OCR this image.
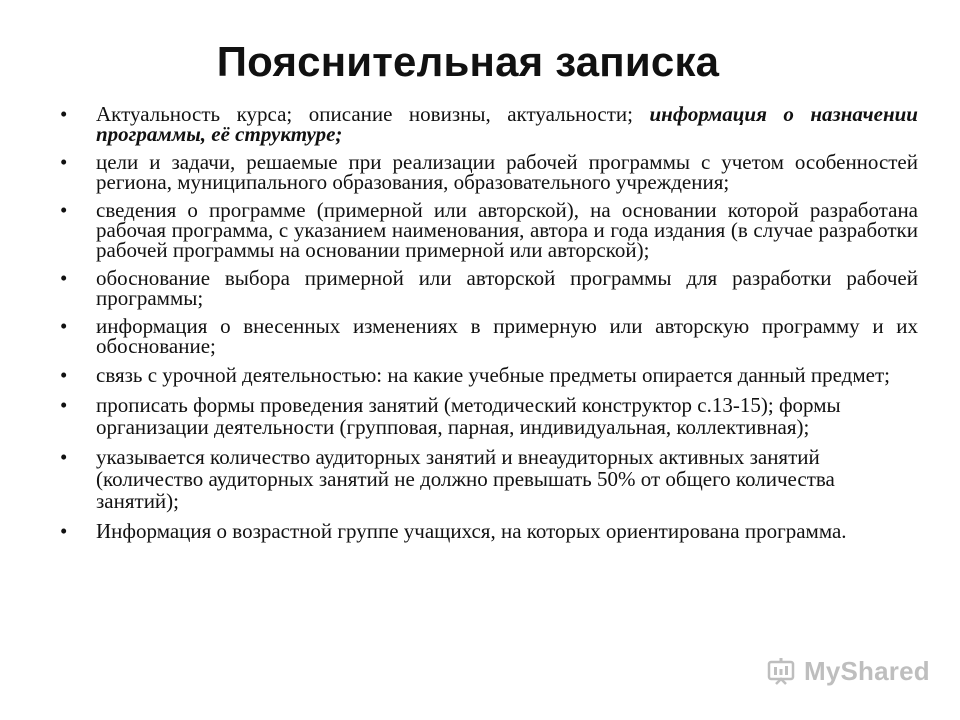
Пояснительная записка
• Актуальность курса; описание новизны, актуальности; информация о назначении программы, её структуре;
• цели и задачи, решаемые при реализации рабочей программы с учетом особенностей региона, муниципального образования, образовательного учреждения;
• сведения о программе (примерной или авторской), на основании которой разработана рабочая программа, с указанием наименования, автора и года издания (в случае разработки рабочей программы на основании примерной или авторской);
• обоснование выбора примерной или авторской программы для разработки рабочей программы;
• информация о внесенных изменениях в примерную или авторскую программу и их обоснование;
• связь с урочной деятельностью: на какие учебные предметы опирается данный предмет;
• прописать формы проведения занятий (методический конструктор с.13-15); формы организации деятельности (групповая, парная, индивидуальная, коллективная);
• указывается количество аудиторных занятий и внеаудиторных активных занятий (количество аудиторных занятий не должно превышать 50% от общего количества занятий);
• Информация о возрастной группе учащихся, на которых ориентирована программа.
MyShared
